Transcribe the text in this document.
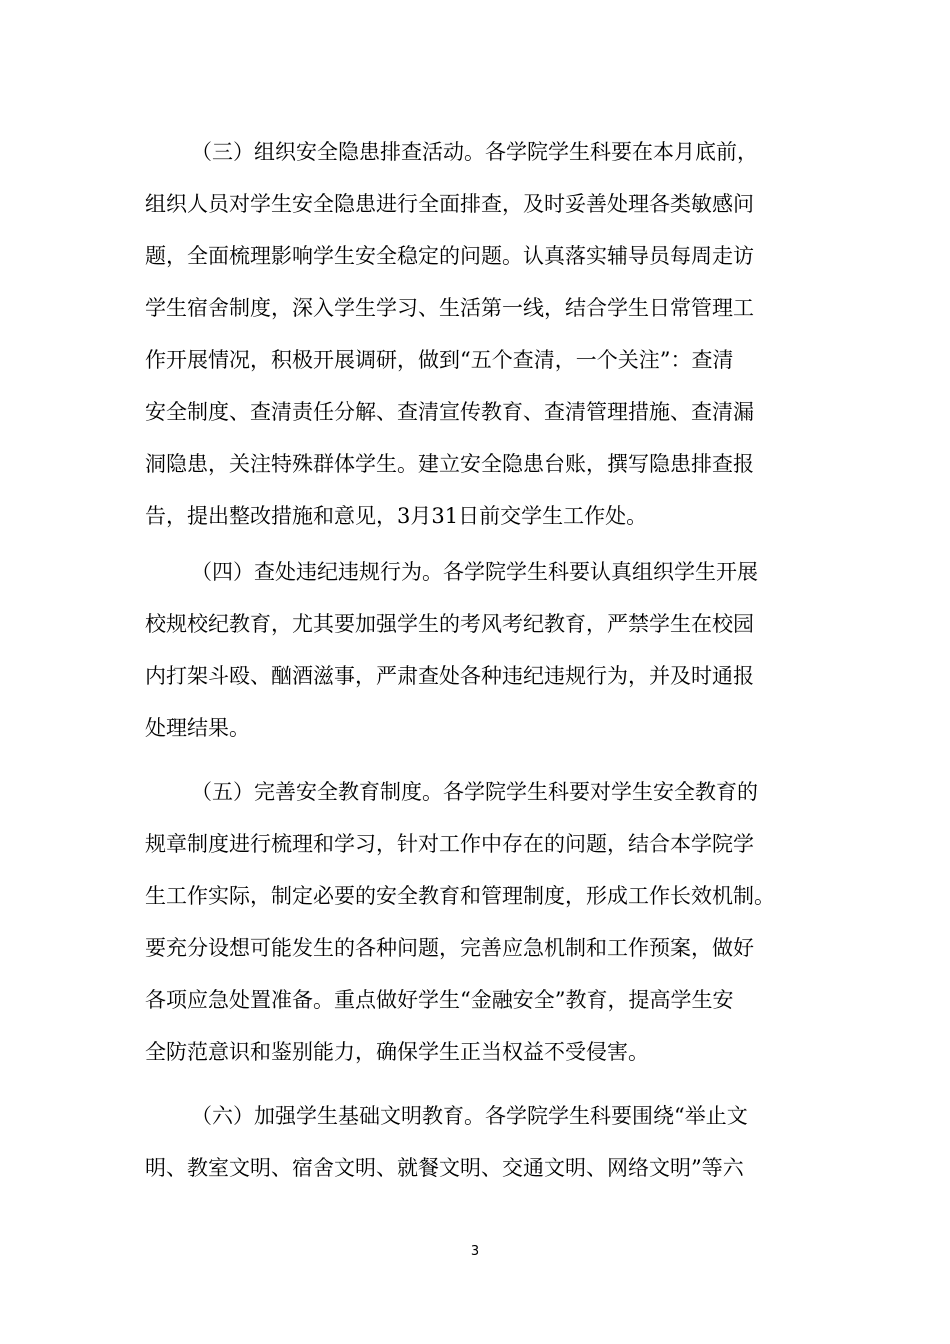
（三）组织安全隐患排查活动。各学院学生科要在本月底前，
组织人员对学生安全隐患进行全面排查，及时妥善处理各类敏感问
题，全面梳理影响学生安全稳定的问题。认真落实辅导员每周走访
学生宿舍制度，深入学生学习、生活第一线，结合学生日常管理工
作开展情况，积极开展调研，做到“五个查清，一个关注”：查清
安全制度、查清责任分解、查清宣传教育、查清管理措施、查清漏
洞隐患，关注特殊群体学生。建立安全隐患台账，撰写隐患排查报
告，提出整改措施和意见，3月31日前交学生工作处。
（四）查处违纪违规行为。各学院学生科要认真组织学生开展
校规校纪教育，尤其要加强学生的考风考纪教育，严禁学生在校园
内打架斗殴、酗酒滋事，严肃查处各种违纪违规行为，并及时通报
处理结果。
（五）完善安全教育制度。各学院学生科要对学生安全教育的
规章制度进行梳理和学习，针对工作中存在的问题，结合本学院学
生工作实际，制定必要的安全教育和管理制度，形成工作长效机制。
要充分设想可能发生的各种问题，完善应急机制和工作预案，做好
各项应急处置准备。重点做好学生“金融安全”教育，提高学生安
全防范意识和鉴别能力，确保学生正当权益不受侵害。
（六）加强学生基础文明教育。各学院学生科要围绕“举止文
明、教室文明、宿舍文明、就餐文明、交通文明、网络文明”等六
3
